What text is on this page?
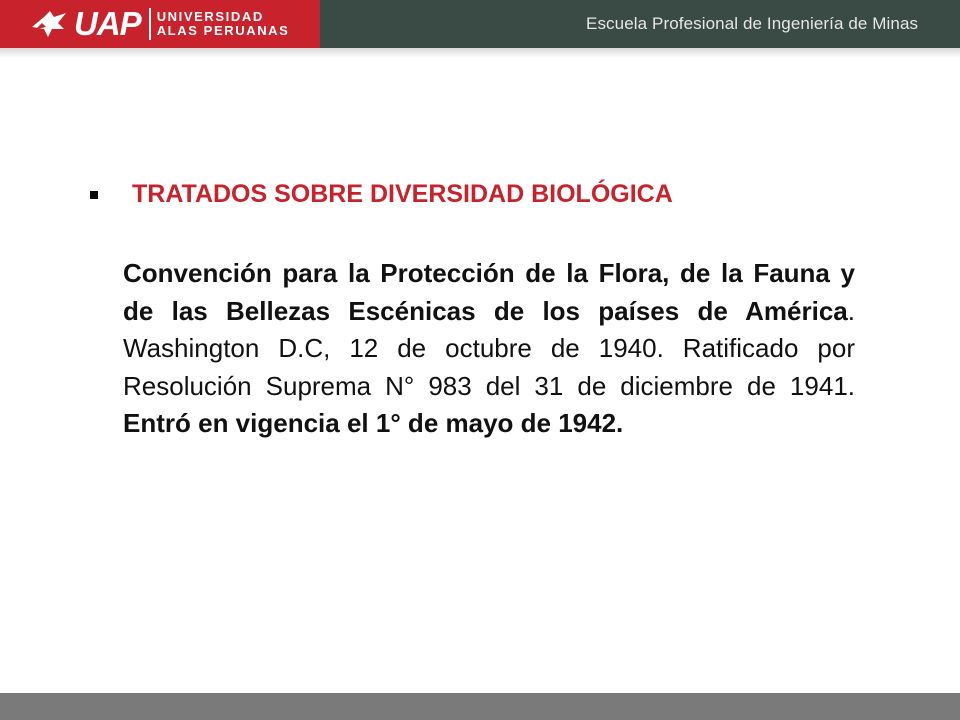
UAP UNIVERSIDAD
ALAS PERUANAS	Escuela Profesional de Ingeniería de Minas
TRATADOS SOBRE DIVERSIDAD BIOLÓGICA
Convención para la Protección de la Flora, de la Fauna y de las Bellezas Escénicas de los países de América. Washington D.C, 12 de octubre de 1940. Ratificado por Resolución Suprema N° 983 del 31 de diciembre de 1941. Entró en vigencia el 1° de mayo de 1942.
